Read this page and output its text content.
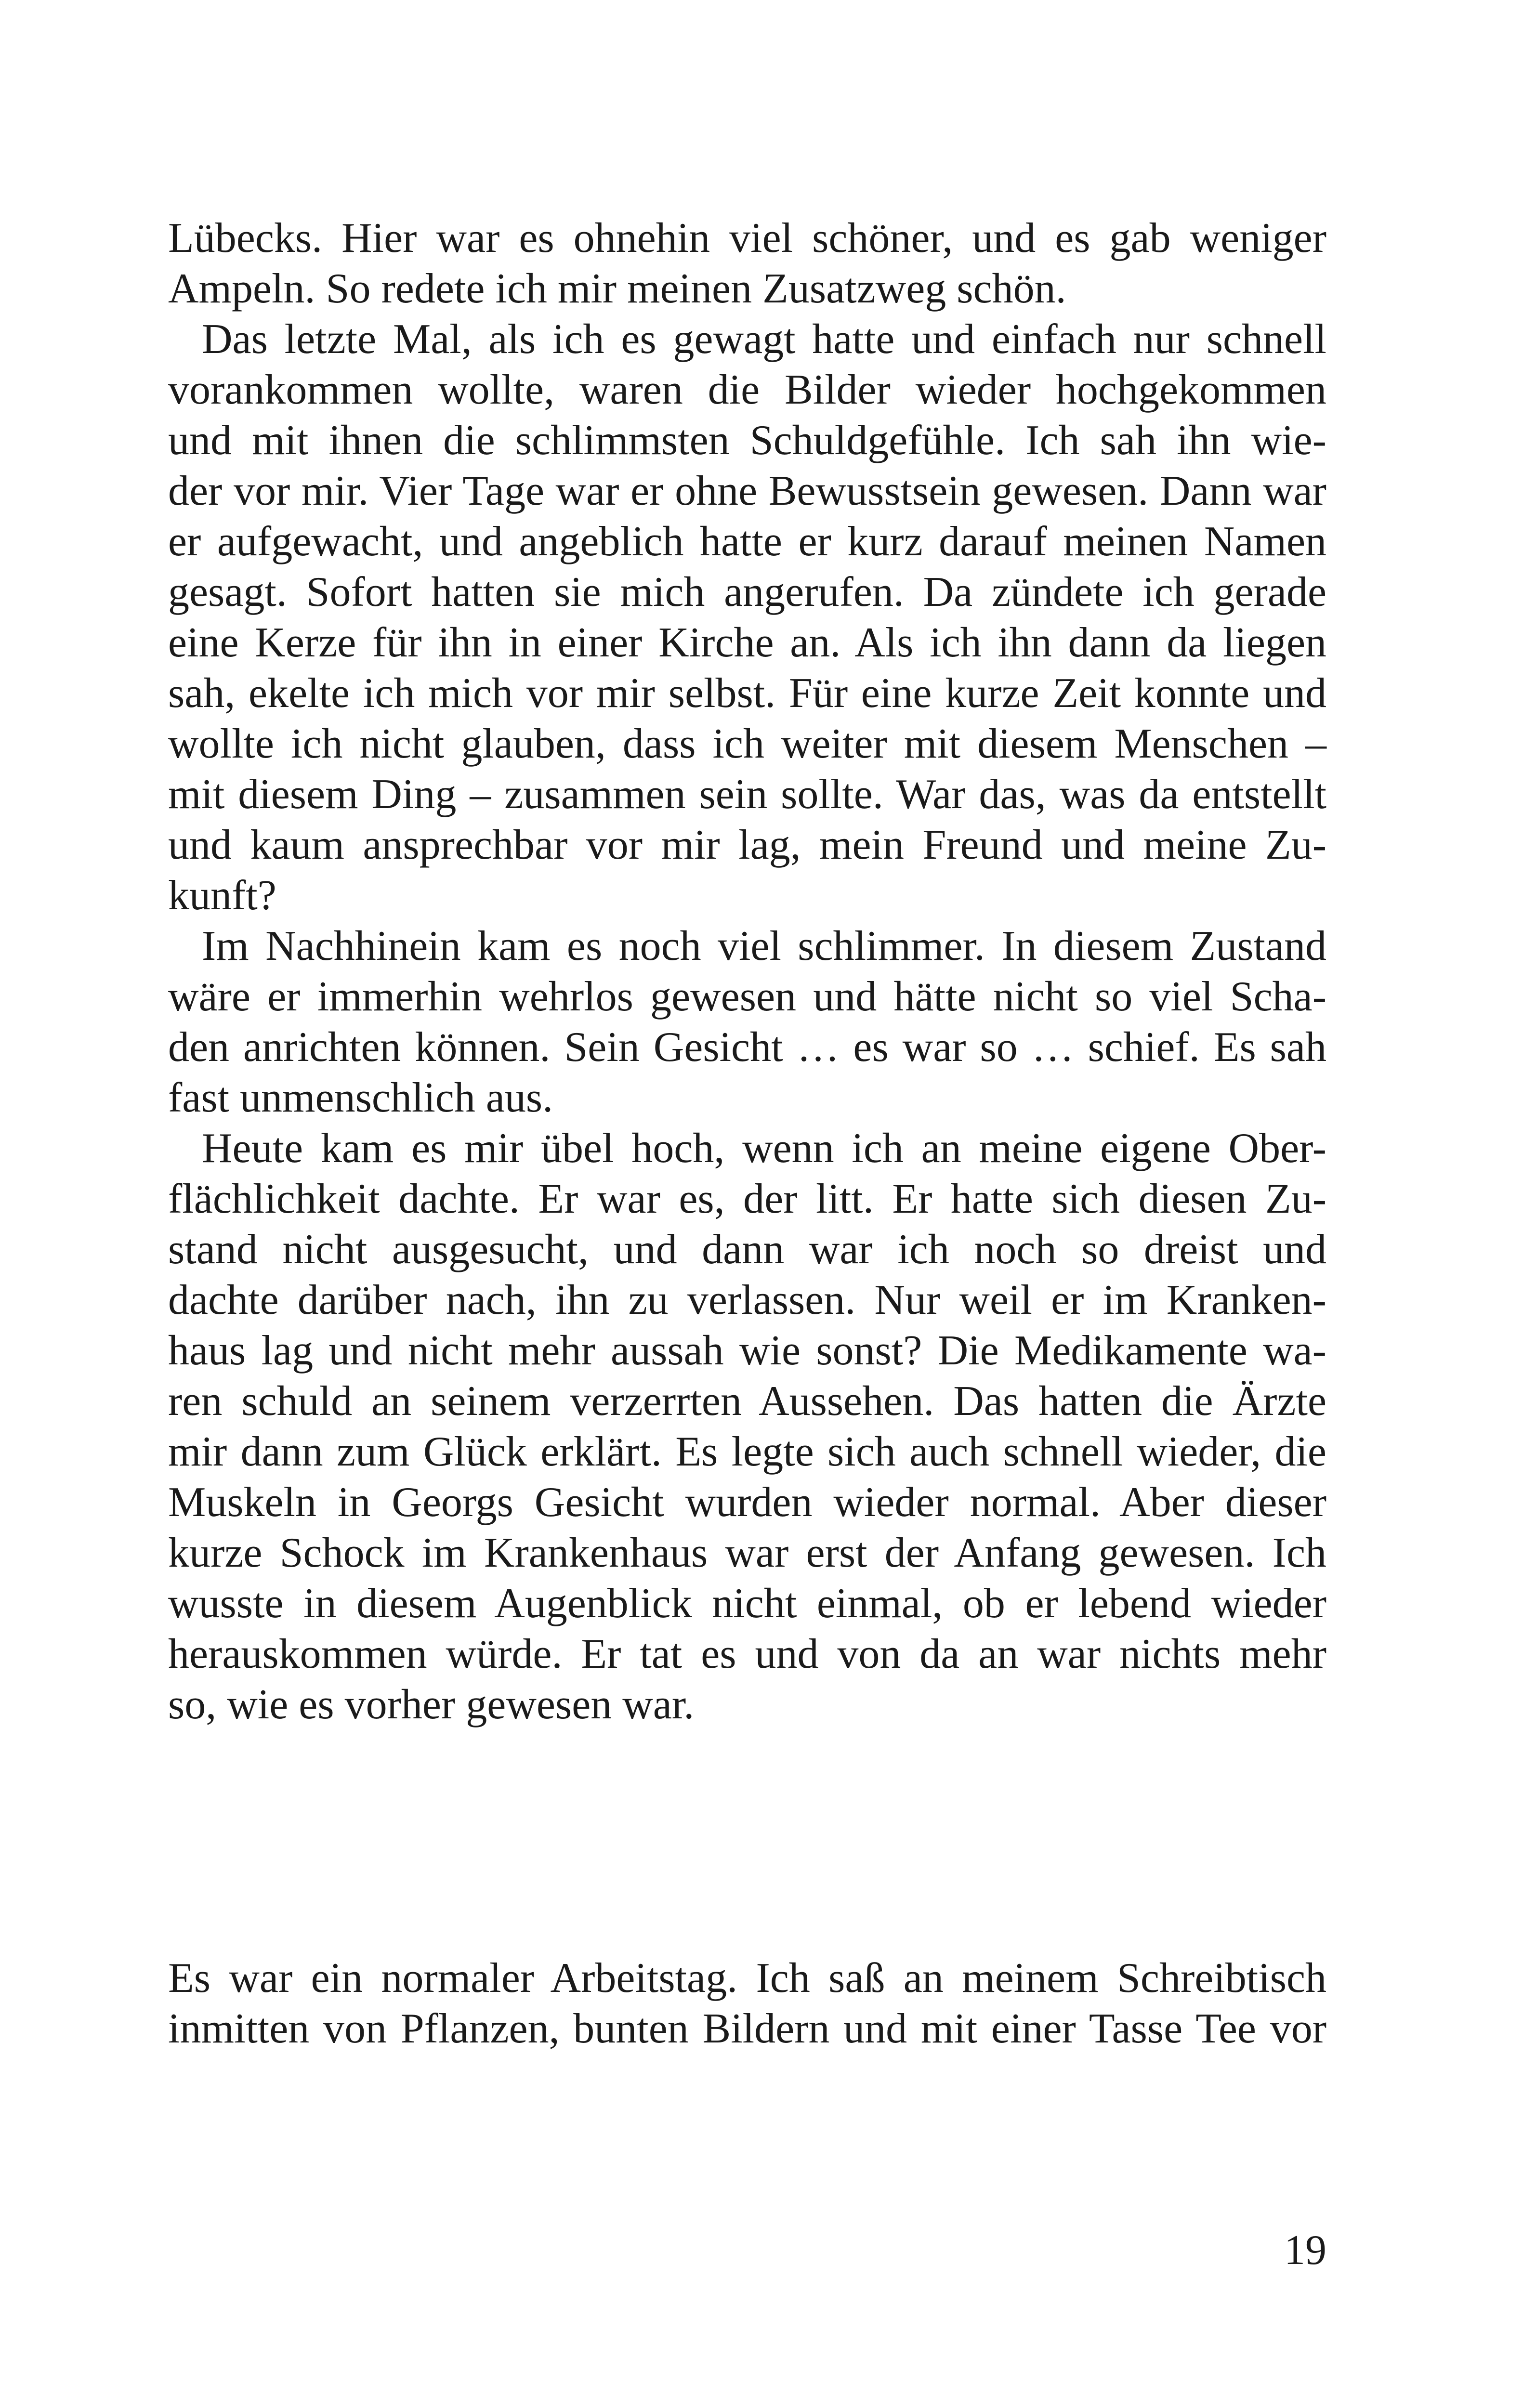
Lübecks. Hier war es ohnehin viel schöner, und es gab weniger
Ampeln. So redete ich mir meinen Zusatzweg schön.
Das letzte Mal, als ich es gewagt hatte und einfach nur schnell
vorankommen wollte, waren die Bilder wieder hochgekommen
und mit ihnen die schlimmsten Schuldgefühle. Ich sah ihn wie-
der vor mir. Vier Tage war er ohne Bewusstsein gewesen. Dann war
er aufgewacht, und angeblich hatte er kurz darauf meinen Namen
gesagt. Sofort hatten sie mich angerufen. Da zündete ich gerade
eine Kerze für ihn in einer Kirche an. Als ich ihn dann da liegen
sah, ekelte ich mich vor mir selbst. Für eine kurze Zeit konnte und
wollte ich nicht glauben, dass ich weiter mit diesem Menschen –
mit diesem Ding – zusammen sein sollte. War das, was da entstellt
und kaum ansprechbar vor mir lag, mein Freund und meine Zu-
kunft?
Im Nachhinein kam es noch viel schlimmer. In diesem Zustand
wäre er immerhin wehrlos gewesen und hätte nicht so viel Scha-
den anrichten können. Sein Gesicht … es war so … schief. Es sah
fast unmenschlich aus.
Heute kam es mir übel hoch, wenn ich an meine eigene Ober-
flächlichkeit dachte. Er war es, der litt. Er hatte sich diesen Zu-
stand nicht ausgesucht, und dann war ich noch so dreist und
dachte darüber nach, ihn zu verlassen. Nur weil er im Kranken-
haus lag und nicht mehr aussah wie sonst? Die Medikamente wa-
ren schuld an seinem verzerrten Aussehen. Das hatten die Ärzte
mir dann zum Glück erklärt. Es legte sich auch schnell wieder, die
Muskeln in Georgs Gesicht wurden wieder normal. Aber dieser
kurze Schock im Krankenhaus war erst der Anfang gewesen. Ich
wusste in diesem Augenblick nicht einmal, ob er lebend wieder
herauskommen würde. Er tat es und von da an war nichts mehr
so, wie es vorher gewesen war.
Es war ein normaler Arbeitstag. Ich saß an meinem Schreibtisch
inmitten von Pflanzen, bunten Bildern und mit einer Tasse Tee vor
19
